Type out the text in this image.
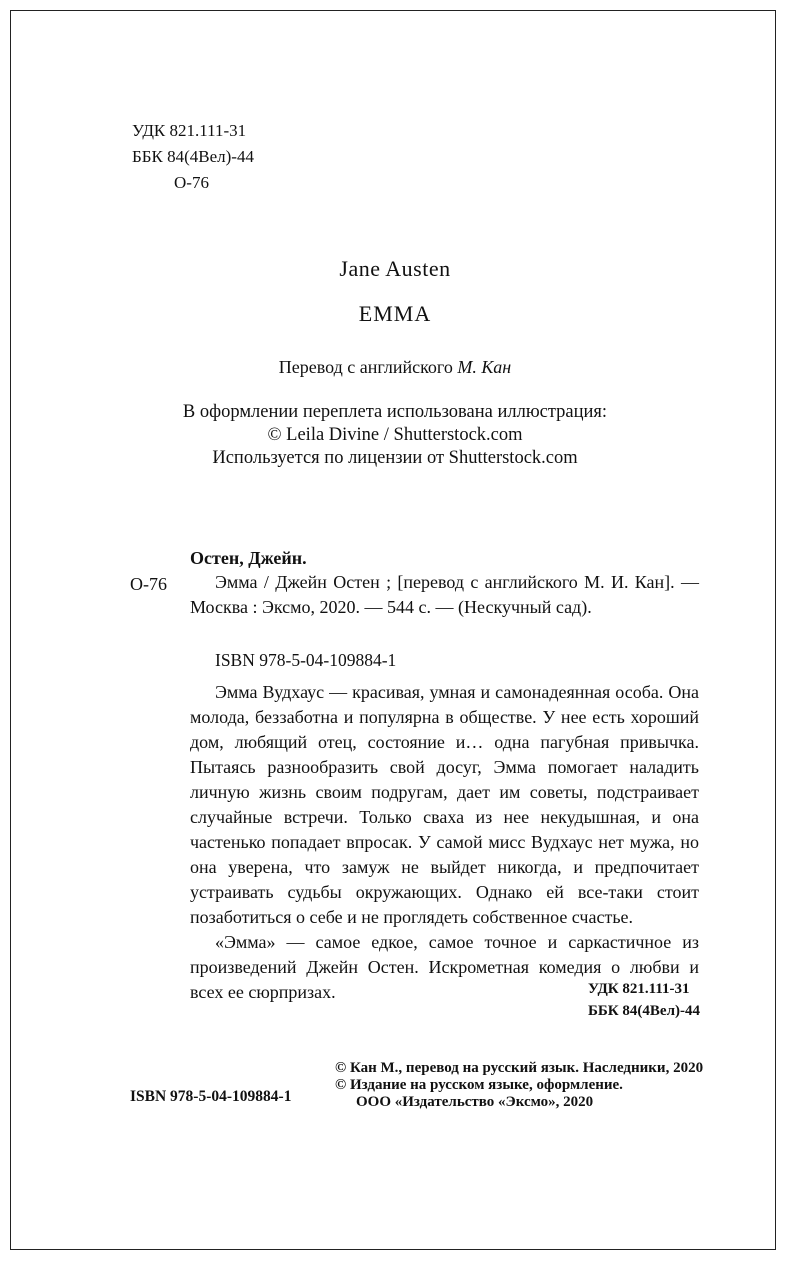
УДК 821.111-31
ББК 84(4Вел)-44
О-76
Jane Austen
EMMA
Перевод с английского М. Кан
В оформлении переплета использована иллюстрация:
© Leila Divine / Shutterstock.com
Используется по лицензии от Shutterstock.com
Остен, Джейн.
О-76	Эмма / Джейн Остен ; [перевод с английского М. И. Кан]. — Москва : Эксмо, 2020. — 544 с. — (Нескучный сад).
ISBN 978-5-04-109884-1

Эмма Вудхаус — красивая, умная и самонадеянная особа. Она молода, беззаботна и популярна в обществе. У нее есть хороший дом, любящий отец, состояние и… одна пагубная привычка. Пытаясь разнообразить свой досуг, Эмма помогает наладить личную жизнь своим подругам, дает им советы, подстраивает случайные встречи. Только сваха из нее некудышная, и она частенько попадает впросак. У самой мисс Вудхаус нет мужа, но она уверена, что замуж не выйдет никогда, и предпочитает устраивать судьбы окружающих. Однако ей все-таки стоит позаботиться о себе и не проглядеть собственное счастье.

«Эмма» — самое едкое, самое точное и саркастичное из произведений Джейн Остен. Искрометная комедия о любви и всех ее сюрпризах.	УДК 821.111-31
ББК 84(4Вел)-44
© Кан М., перевод на русский язык. Наследники, 2020
© Издание на русском языке, оформление.
ООО «Издательство «Эксмо», 2020
ISBN 978-5-04-109884-1
